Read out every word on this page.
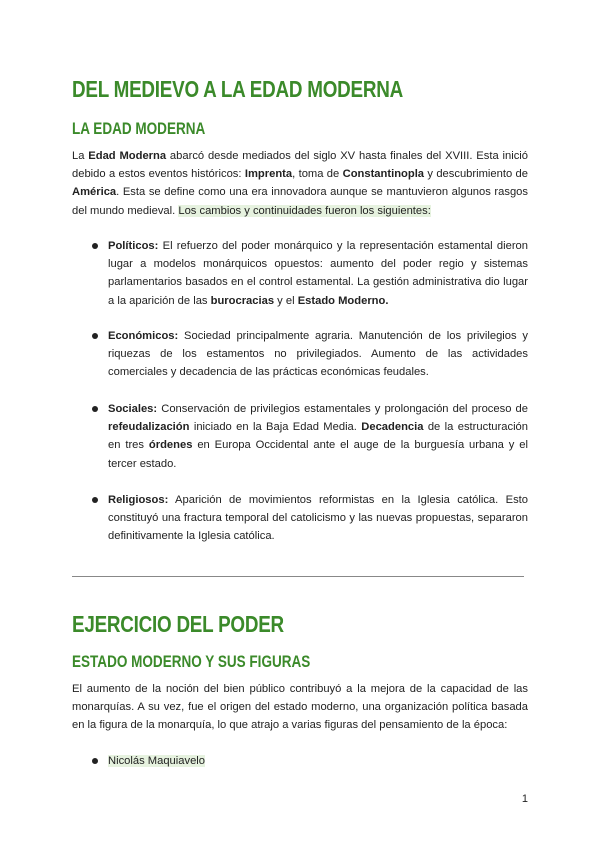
DEL MEDIEVO A LA EDAD MODERNA
LA EDAD MODERNA

La Edad Moderna abarcó desde mediados del siglo XV hasta finales del XVIII. Esta inició debido a estos eventos históricos: Imprenta, toma de Constantinopla y descubrimiento de América. Esta se define como una era innovadora aunque se mantuvieron algunos rasgos del mundo medieval. Los cambios y continuidades fueron los siguientes:

Políticos: El refuerzo del poder monárquico y la representación estamental dieron lugar a modelos monárquicos opuestos: aumento del poder regio y sistemas parlamentarios basados en el control estamental. La gestión administrativa dio lugar a la aparición de las burocracias y el Estado Moderno.
Económicos: Sociedad principalmente agraria. Manutención de los privilegios y riquezas de los estamentos no privilegiados. Aumento de las actividades comerciales y decadencia de las prácticas económicas feudales.
Sociales: Conservación de privilegios estamentales y prolongación del proceso de refeudalización iniciado en la Baja Edad Media. Decadencia de la estructuración en tres órdenes en Europa Occidental ante el auge de la burguesía urbana y el tercer estado.
Religiosos: Aparición de movimientos reformistas en la Iglesia católica. Esto constituyó una fractura temporal del catolicismo y las nuevas propuestas, separaron definitivamente la Iglesia católica.
EJERCICIO DEL PODER
ESTADO MODERNO Y SUS FIGURAS

El aumento de la noción del bien público contribuyó a la mejora de la capacidad de las monarquías. A su vez, fue el origen del estado moderno, una organización política basada en la figura de la monarquía, lo que atrajo a varias figuras del pensamiento de la época:

Nicolás Maquiavelo
1
